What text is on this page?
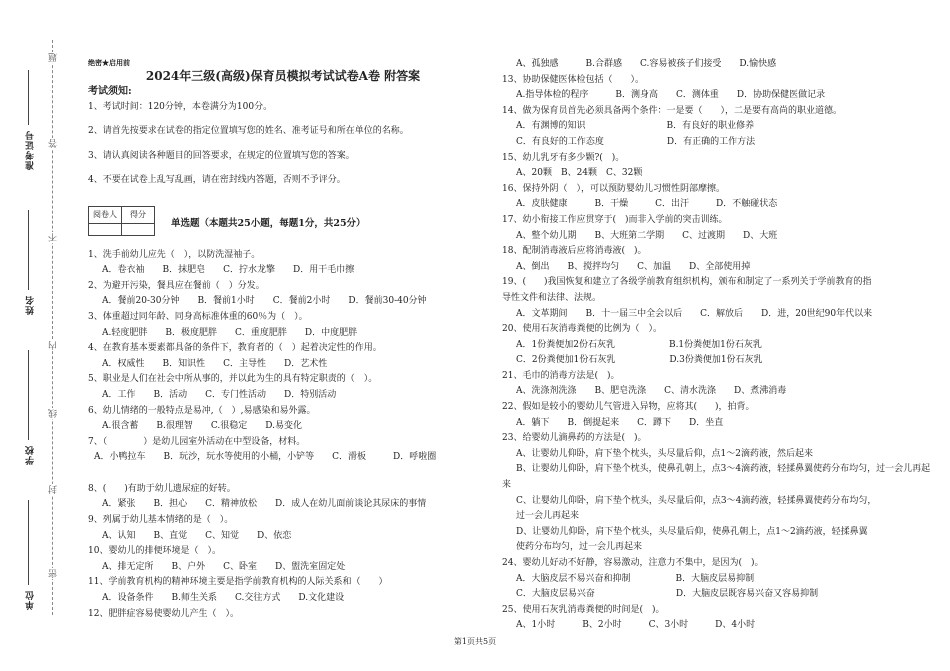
题
答
不
内
线
封
密
准考证号
姓名
学校
单位

绝密★启用前

2024年三级(高级)保育员模拟考试试卷A卷 附答案

考试须知:

1、考试时间：120分钟，本卷满分为100分。

2、请首先按要求在试卷的指定位置填写您的姓名、准考证号和所在单位的名称。

3、请认真阅读各种题目的回答要求，在规定的位置填写您的答案。

4、不要在试卷上乱写乱画，请在密封线内答题，否则不予评分。

阅卷人	得分

单选题（本题共25小题，每题1分，共25分）

1、洗手前幼儿应先（　），以防洗湿袖子。

A．卷衣袖　　B．抹肥皂　　C．拧水龙擎　　D．用干毛巾擦

2、为避开污染，餐具应在餐前（　）分发。

A．餐前20-30分钟　　B．餐前1小时　　C．餐前2小时　　D．餐前30-40分钟

3、体重超过同年龄、同身高标准体重的60％为（　）。

A.轻度肥胖　　B．极度肥胖　　C．重度肥胖　　D．中度肥胖

4、在教育基本要素都具备的条件下，教育者的（　）起着决定性的作用。

A．权威性　　B．知识性　　C．主导性　　D．艺术性

5、职业是人们在社会中所从事的，并以此为生的具有特定职责的（　）。

A．工作　　B．活动　　C．专门性活动　　D．特别活动

6、幼儿情绪的一般特点是易冲,（　）,易感染和易外露。

A.很含蓄　　B.很理智　　C.很稳定　　D.易变化

7、（　　　　）是幼儿园室外活动在中型设备，材料。

A．小鸭拉车　　B．玩沙，玩水等使用的小桶，小铲等　　C．滑板　　　D．呼啦圈

8、(　　)有助于幼儿遗尿症的好转。

A．紧张　　B．担心　　C．精神放松　　D．成人在幼儿面前谈论其尿床的事情

9、列属于幼儿基本情绪的是（　）。

A、认知　　B、直觉　　C、知觉　　D、依恋

10、婴幼儿的排便环境是（　）。

A、排无定所　　B、户外　　C、卧室　　D、盥洗室固定处

11、学前教育机构的精神环境主要是指学前教育机构的人际关系和（　　）

A．设备条件　　B.师生关系　　C.交往方式　　D.文化建设

12、肥胖症容易使婴幼儿产生（　）。

A、孤独感　　　B.合群感　　C.容易被孩子们接受　　D.愉快感

13、协助保健医体检包括（　　）。

A.指导体检的程序　　　B．测身高　　C．测体重　　D．协助保健医做记录

14、做为保育员首先必须具备两个条件：一是要（　　），二是要有高尚的职业道德。

A．有渊博的知识　　　　　　　　　B．有良好的职业修养

C．有良好的工作态度　　　　　　　D．有正确的工作方法

15、幼儿乳牙有多少颗?(　)。

A、20颗　B、24颗　C、32颗

16、保持外阴（　），可以预防婴幼儿习惯性阴部摩擦。

A．皮肤健康　　　B．干燥　　　C．出汗　　　D．不触碰状态

17、幼小衔接工作应贯穿于(　)而非入学前的突击训练。

A、整个幼儿期　　B、大班第二学期　　C、过渡期　　D、大班

18、配制消毒液后应将消毒液(　)。

A、倒出　　B、搅拌均匀　　C、加温　　D、全部使用掉

19、(　　)我国恢复和建立了各级学前教育组织机构，颁布和制定了一系列关于学前教育的指

导性文件和法律、法规。

A．文革期间　　B．十一届三中全会以后　　C．解放后　　D．进，20世纪90年代以来

20、使用石灰消毒粪便的比例为（　）。

A．1份粪便加2份石灰乳　　　　　　B.1份粪便加1份石灰乳

C．2份粪便加1份石灰乳　　　　　　D.3份粪便加1份石灰乳

21、毛巾的消毒方法是(　)。

A、洗涤剂洗涤　　B、肥皂洗涤　　C、清水洗涤　　D、煮沸消毒

22、假如是较小的婴幼儿气管进入异物，应将其(　　)，拍背。

A．躺下　　B．倒提起来　　C．蹲下　　D．坐直

23、给婴幼儿滴鼻药的方法是(　)。

A、让婴幼儿仰卧，肩下垫个枕头，头尽量后仰，点1～2滴药液，然后起来

B、让婴幼儿仰卧，肩下垫个枕头，使鼻孔朝上，点3～4滴药液，轻揉鼻翼使药分布均匀，过一会儿再起

来

C、让婴幼儿仰卧，肩下垫个枕头，头尽量后仰，点3～4滴药液，轻揉鼻翼使药分布均匀，

过一会儿再起来

D、让婴幼儿仰卧，肩下垫个枕头，头尽量后仰，使鼻孔朝上，点1～2滴药液，轻揉鼻翼

使药分布均匀，过一会儿再起来

24、婴幼儿好动不好静，容易激动，注意力不集中，是因为(　)。

A．大脑皮层不易兴奋和抑制　　　　　B．大脑皮层易抑制

C．大脑皮层易兴奋　　　　　　　　　D．大脑皮层既容易兴奋又容易抑制

25、使用石灰乳消毒粪便的时间是(　)。

A、1小时　　　B、2小时　　　C、3小时　　　D、4小时

第1页共5页
